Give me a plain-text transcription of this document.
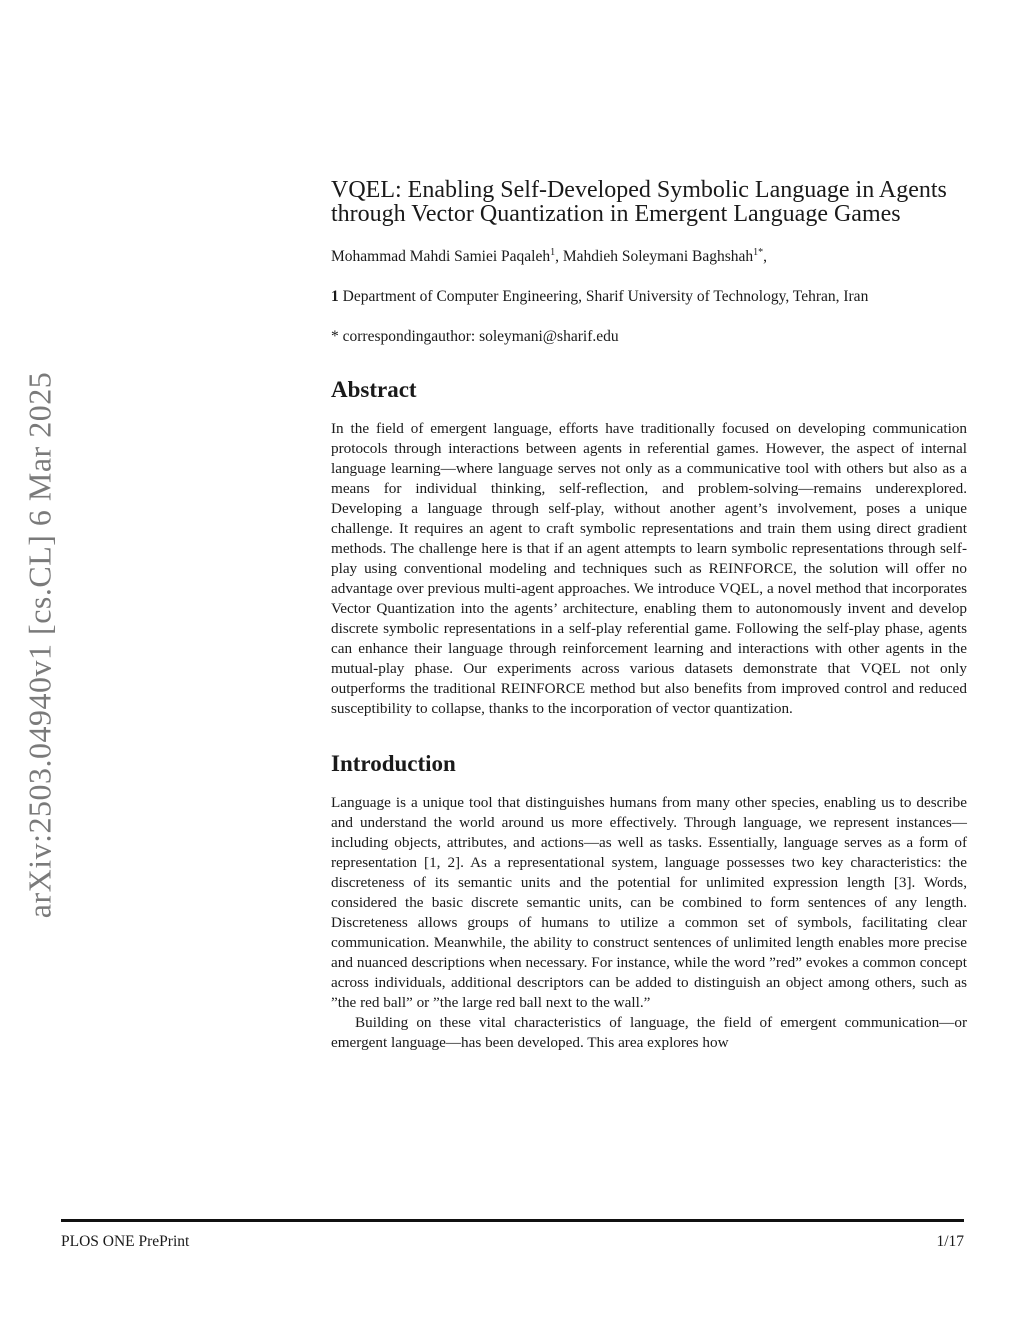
arXiv:2503.04940v1 [cs.CL] 6 Mar 2025
VQEL: Enabling Self-Developed Symbolic Language in Agents
through Vector Quantization in Emergent Language Games
Mohammad Mahdi Samiei Paqaleh$^1$, Mahdieh Soleymani Baghshah$^{1*}$,
1 Department of Computer Engineering, Sharif University of Technology, Tehran, Iran
* correspondingauthor: soleymani@sharif.edu
Abstract

In the field of emergent language, efforts have traditionally focused on developing communication protocols through interactions between agents in referential games. However, the aspect of internal language learning—where language serves not only as a communicative tool with others but also as a means for individual thinking, self-reflection, and problem-solving—remains underexplored. Developing a language through self-play, without another agent’s involvement, poses a unique challenge. It requires an agent to craft symbolic representations and train them using direct gradient methods. The challenge here is that if an agent attempts to learn symbolic representations through self-play using conventional modeling and techniques such as REINFORCE, the solution will offer no advantage over previous multi-agent approaches. We introduce VQEL, a novel method that incorporates Vector Quantization into the agents’ architecture, enabling them to autonomously invent and develop discrete symbolic representations in a self-play referential game. Following the self-play phase, agents can enhance their language through reinforcement learning and interactions with other agents in the mutual-play phase. Our experiments across various datasets demonstrate that VQEL not only outperforms the traditional REINFORCE method but also benefits from improved control and reduced susceptibility to collapse, thanks to the incorporation of vector quantization.

Introduction

Language is a unique tool that distinguishes humans from many other species, enabling us to describe and understand the world around us more effectively. Through language, we represent instances—including objects, attributes, and actions—as well as tasks. Essentially, language serves as a form of representation [1, 2]. As a representational system, language possesses two key characteristics: the discreteness of its semantic units and the potential for unlimited expression length [3]. Words, considered the basic discrete semantic units, can be combined to form sentences of any length. Discreteness allows groups of humans to utilize a common set of symbols, facilitating clear communication. Meanwhile, the ability to construct sentences of unlimited length enables more precise and nuanced descriptions when necessary. For instance, while the word ”red” evokes a common concept across individuals, additional descriptors can be added to distinguish an object among others, such as ”the red ball” or ”the large red ball next to the wall.”

Building on these vital characteristics of language, the field of emergent communication—or emergent language—has been developed. This area explores how

PLOS ONE PrePrint	1/17
